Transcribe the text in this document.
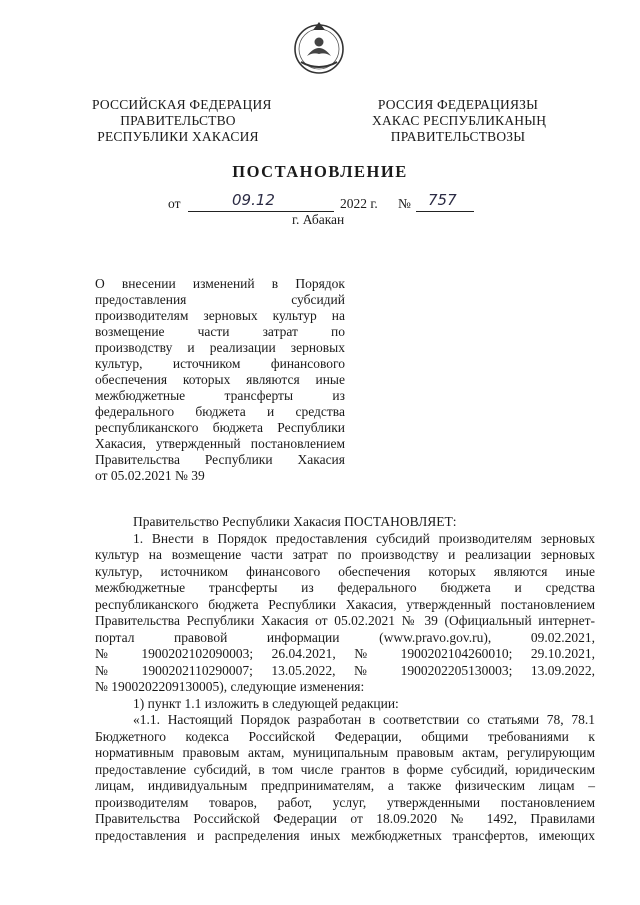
РОССИЙСКАЯ ФЕДЕРАЦИЯ
ПРАВИТЕЛЬСТВО
РЕСПУБЛИКИ ХАКАСИЯ
РОССИЯ ФЕДЕРАЦИЯЗЫ
ХАКАС РЕСПУБЛИКАНЫҢ
ПРАВИТЕЛЬСТВОЗЫ
ПОСТАНОВЛЕНИЕ
от	09.12	2022 г. № 757
г. Абакан
О внесении изменений в Порядок
предоставления субсидий
производителям зерновых культур на
возмещение части затрат по
производству и реализации зерновых
культур, источником финансового
обеспечения которых являются иные
межбюджетные трансферты из
федерального бюджета и средства
республиканского бюджета Республики
Хакасия, утвержденный постановлением
Правительства Республики Хакасия
от 05.02.2021 № 39
Правительство Республики Хакасия ПОСТАНОВЛЯЕТ:
1. Внести в Порядок предоставления субсидий производителям зерновых
культур на возмещение части затрат по производству и реализации зерновых
культур, источником финансового обеспечения которых являются иные
межбюджетные трансферты из федерального бюджета и средства
республиканского бюджета Республики Хакасия, утвержденный постановлением
Правительства Республики Хакасия от 05.02.2021 № 39 (Официальный интернет-
портал правовой информации (www.pravo.gov.ru), 09.02.2021,
№ 1900202102090003; 26.04.2021, № 1900202104260010; 29.10.2021,
№ 1900202110290007; 13.05.2022, № 1900202205130003; 13.09.2022,
№ 1900202209130005), следующие изменения:
1) пункт 1.1 изложить в следующей редакции:
«1.1. Настоящий Порядок разработан в соответствии со статьями 78, 78.1
Бюджетного кодекса Российской Федерации, общими требованиями к
нормативным правовым актам, муниципальным правовым актам, регулирующим
предоставление субсидий, в том числе грантов в форме субсидий, юридическим
лицам, индивидуальным предпринимателям, а также физическим лицам –
производителям товаров, работ, услуг, утвержденными постановлением
Правительства Российской Федерации от 18.09.2020 № 1492, Правилами
предоставления и распределения иных межбюджетных трансфертов, имеющих
